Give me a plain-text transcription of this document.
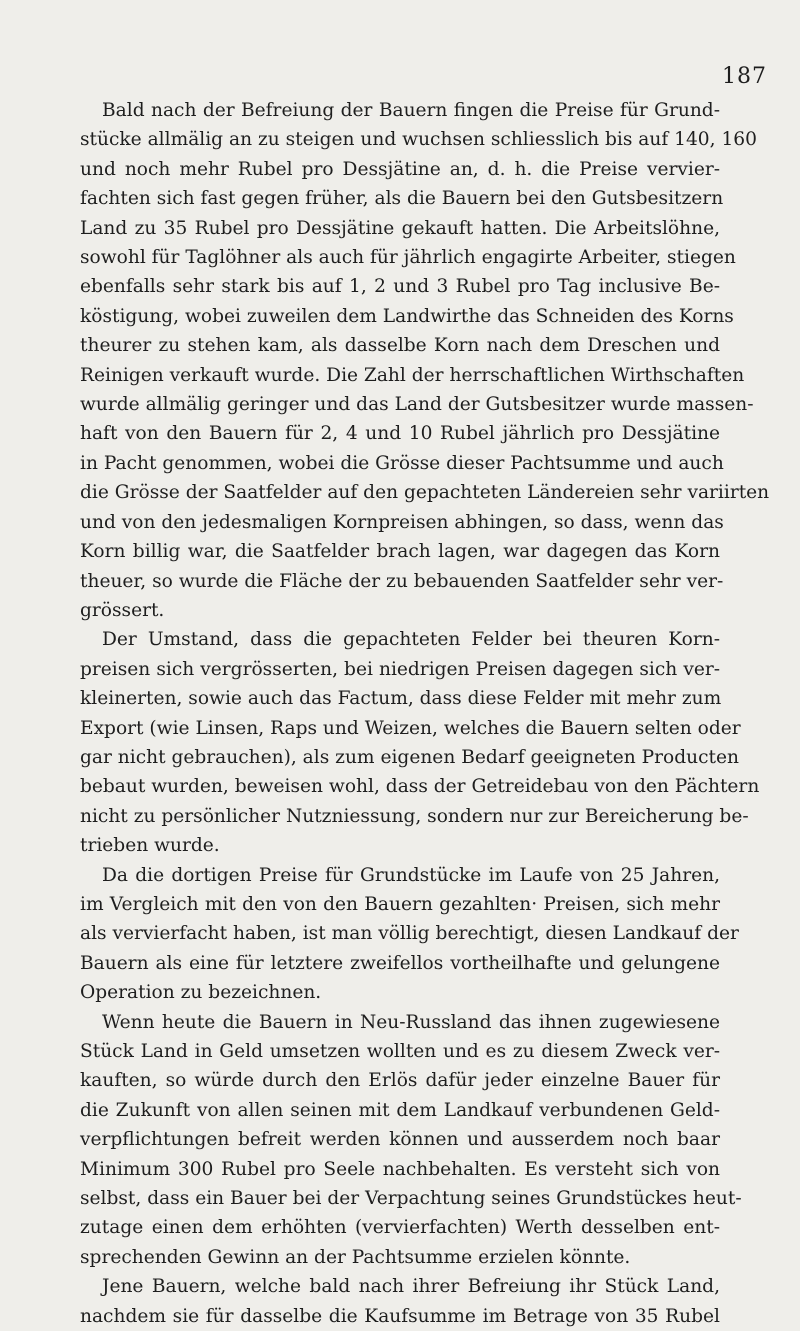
187
Bald nach der Befreiung der Bauern fingen die Preise für Grund-
stücke allmälig an zu steigen und wuchsen schliesslich bis auf 140, 160
und noch mehr Rubel pro Dessjätine an, d. h. die Preise vervier-
fachten sich fast gegen früher, als die Bauern bei den Gutsbesitzern
Land zu 35 Rubel pro Dessjätine gekauft hatten. Die Arbeitslöhne,
sowohl für Taglöhner als auch für jährlich engagirte Arbeiter, stiegen
ebenfalls sehr stark bis auf 1, 2 und 3 Rubel pro Tag inclusive Be-
köstigung, wobei zuweilen dem Landwirthe das Schneiden des Korns
theurer zu stehen kam, als dasselbe Korn nach dem Dreschen und
Reinigen verkauft wurde. Die Zahl der herrschaftlichen Wirthschaften
wurde allmälig geringer und das Land der Gutsbesitzer wurde massen-
haft von den Bauern für 2, 4 und 10 Rubel jährlich pro Dessjätine
in Pacht genommen, wobei die Grösse dieser Pachtsumme und auch
die Grösse der Saatfelder auf den gepachteten Ländereien sehr variirten
und von den jedesmaligen Kornpreisen abhingen, so dass, wenn das
Korn billig war, die Saatfelder brach lagen, war dagegen das Korn
theuer, so wurde die Fläche der zu bebauenden Saatfelder sehr ver-
grössert.
Der Umstand, dass die gepachteten Felder bei theuren Korn-
preisen sich vergrösserten, bei niedrigen Preisen dagegen sich ver-
kleinerten, sowie auch das Factum, dass diese Felder mit mehr zum
Export (wie Linsen, Raps und Weizen, welches die Bauern selten oder
gar nicht gebrauchen), als zum eigenen Bedarf geeigneten Producten
bebaut wurden, beweisen wohl, dass der Getreidebau von den Pächtern
nicht zu persönlicher Nutzniessung, sondern nur zur Bereicherung be-
trieben wurde.
Da die dortigen Preise für Grundstücke im Laufe von 25 Jahren,
im Vergleich mit den von den Bauern gezahlten· Preisen, sich mehr
als vervierfacht haben, ist man völlig berechtigt, diesen Landkauf der
Bauern als eine für letztere zweifellos vortheilhafte und gelungene
Operation zu bezeichnen.
Wenn heute die Bauern in Neu-Russland das ihnen zugewiesene
Stück Land in Geld umsetzen wollten und es zu diesem Zweck ver-
kauften, so würde durch den Erlös dafür jeder einzelne Bauer für
die Zukunft von allen seinen mit dem Landkauf verbundenen Geld-
verpflichtungen befreit werden können und ausserdem noch baar
Minimum 300 Rubel pro Seele nachbehalten. Es versteht sich von
selbst, dass ein Bauer bei der Verpachtung seines Grundstückes heut-
zutage einen dem erhöhten (vervierfachten) Werth desselben ent-
sprechenden Gewinn an der Pachtsumme erzielen könnte.
Jene Bauern, welche bald nach ihrer Befreiung ihr Stück Land,
nachdem sie für dasselbe die Kaufsumme im Betrage von 35 Rubel
